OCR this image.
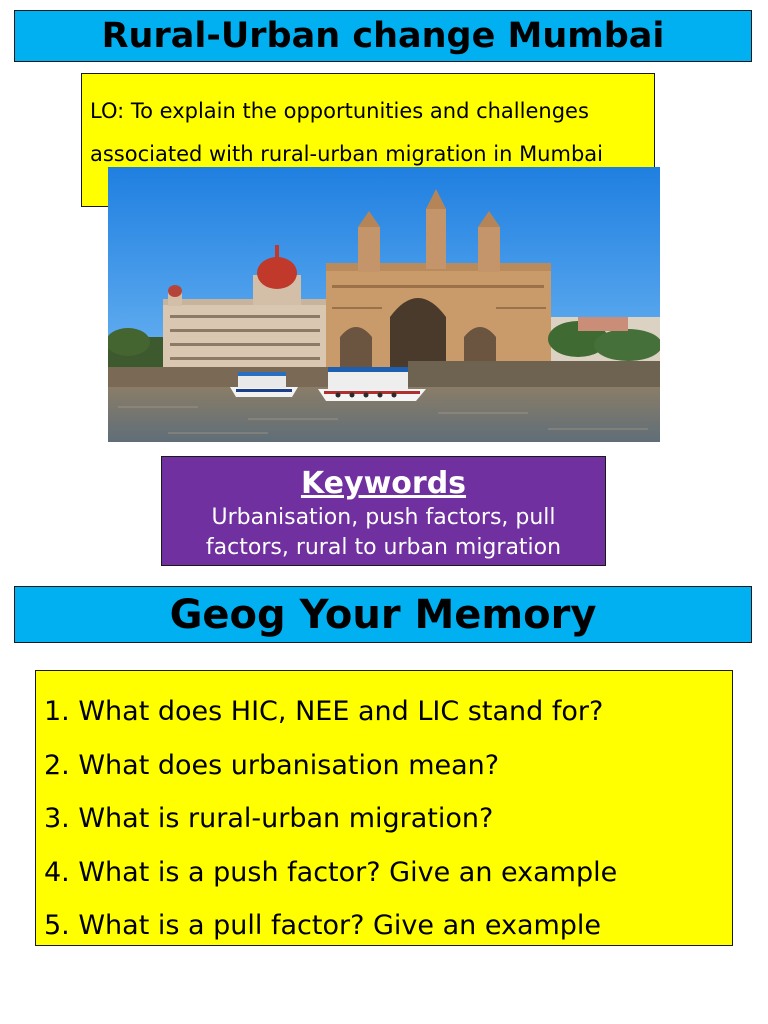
Rural-Urban change Mumbai
LO: To explain the opportunities and challenges associated with rural-urban migration in Mumbai
Keywords
Urbanisation, push factors, pull factors, rural to urban migration
Geog Your Memory
1. What does HIC, NEE and LIC stand for?
2. What does urbanisation mean?
3. What is rural-urban migration?
4. What is a push factor? Give an example
5. What is a pull factor? Give an example
